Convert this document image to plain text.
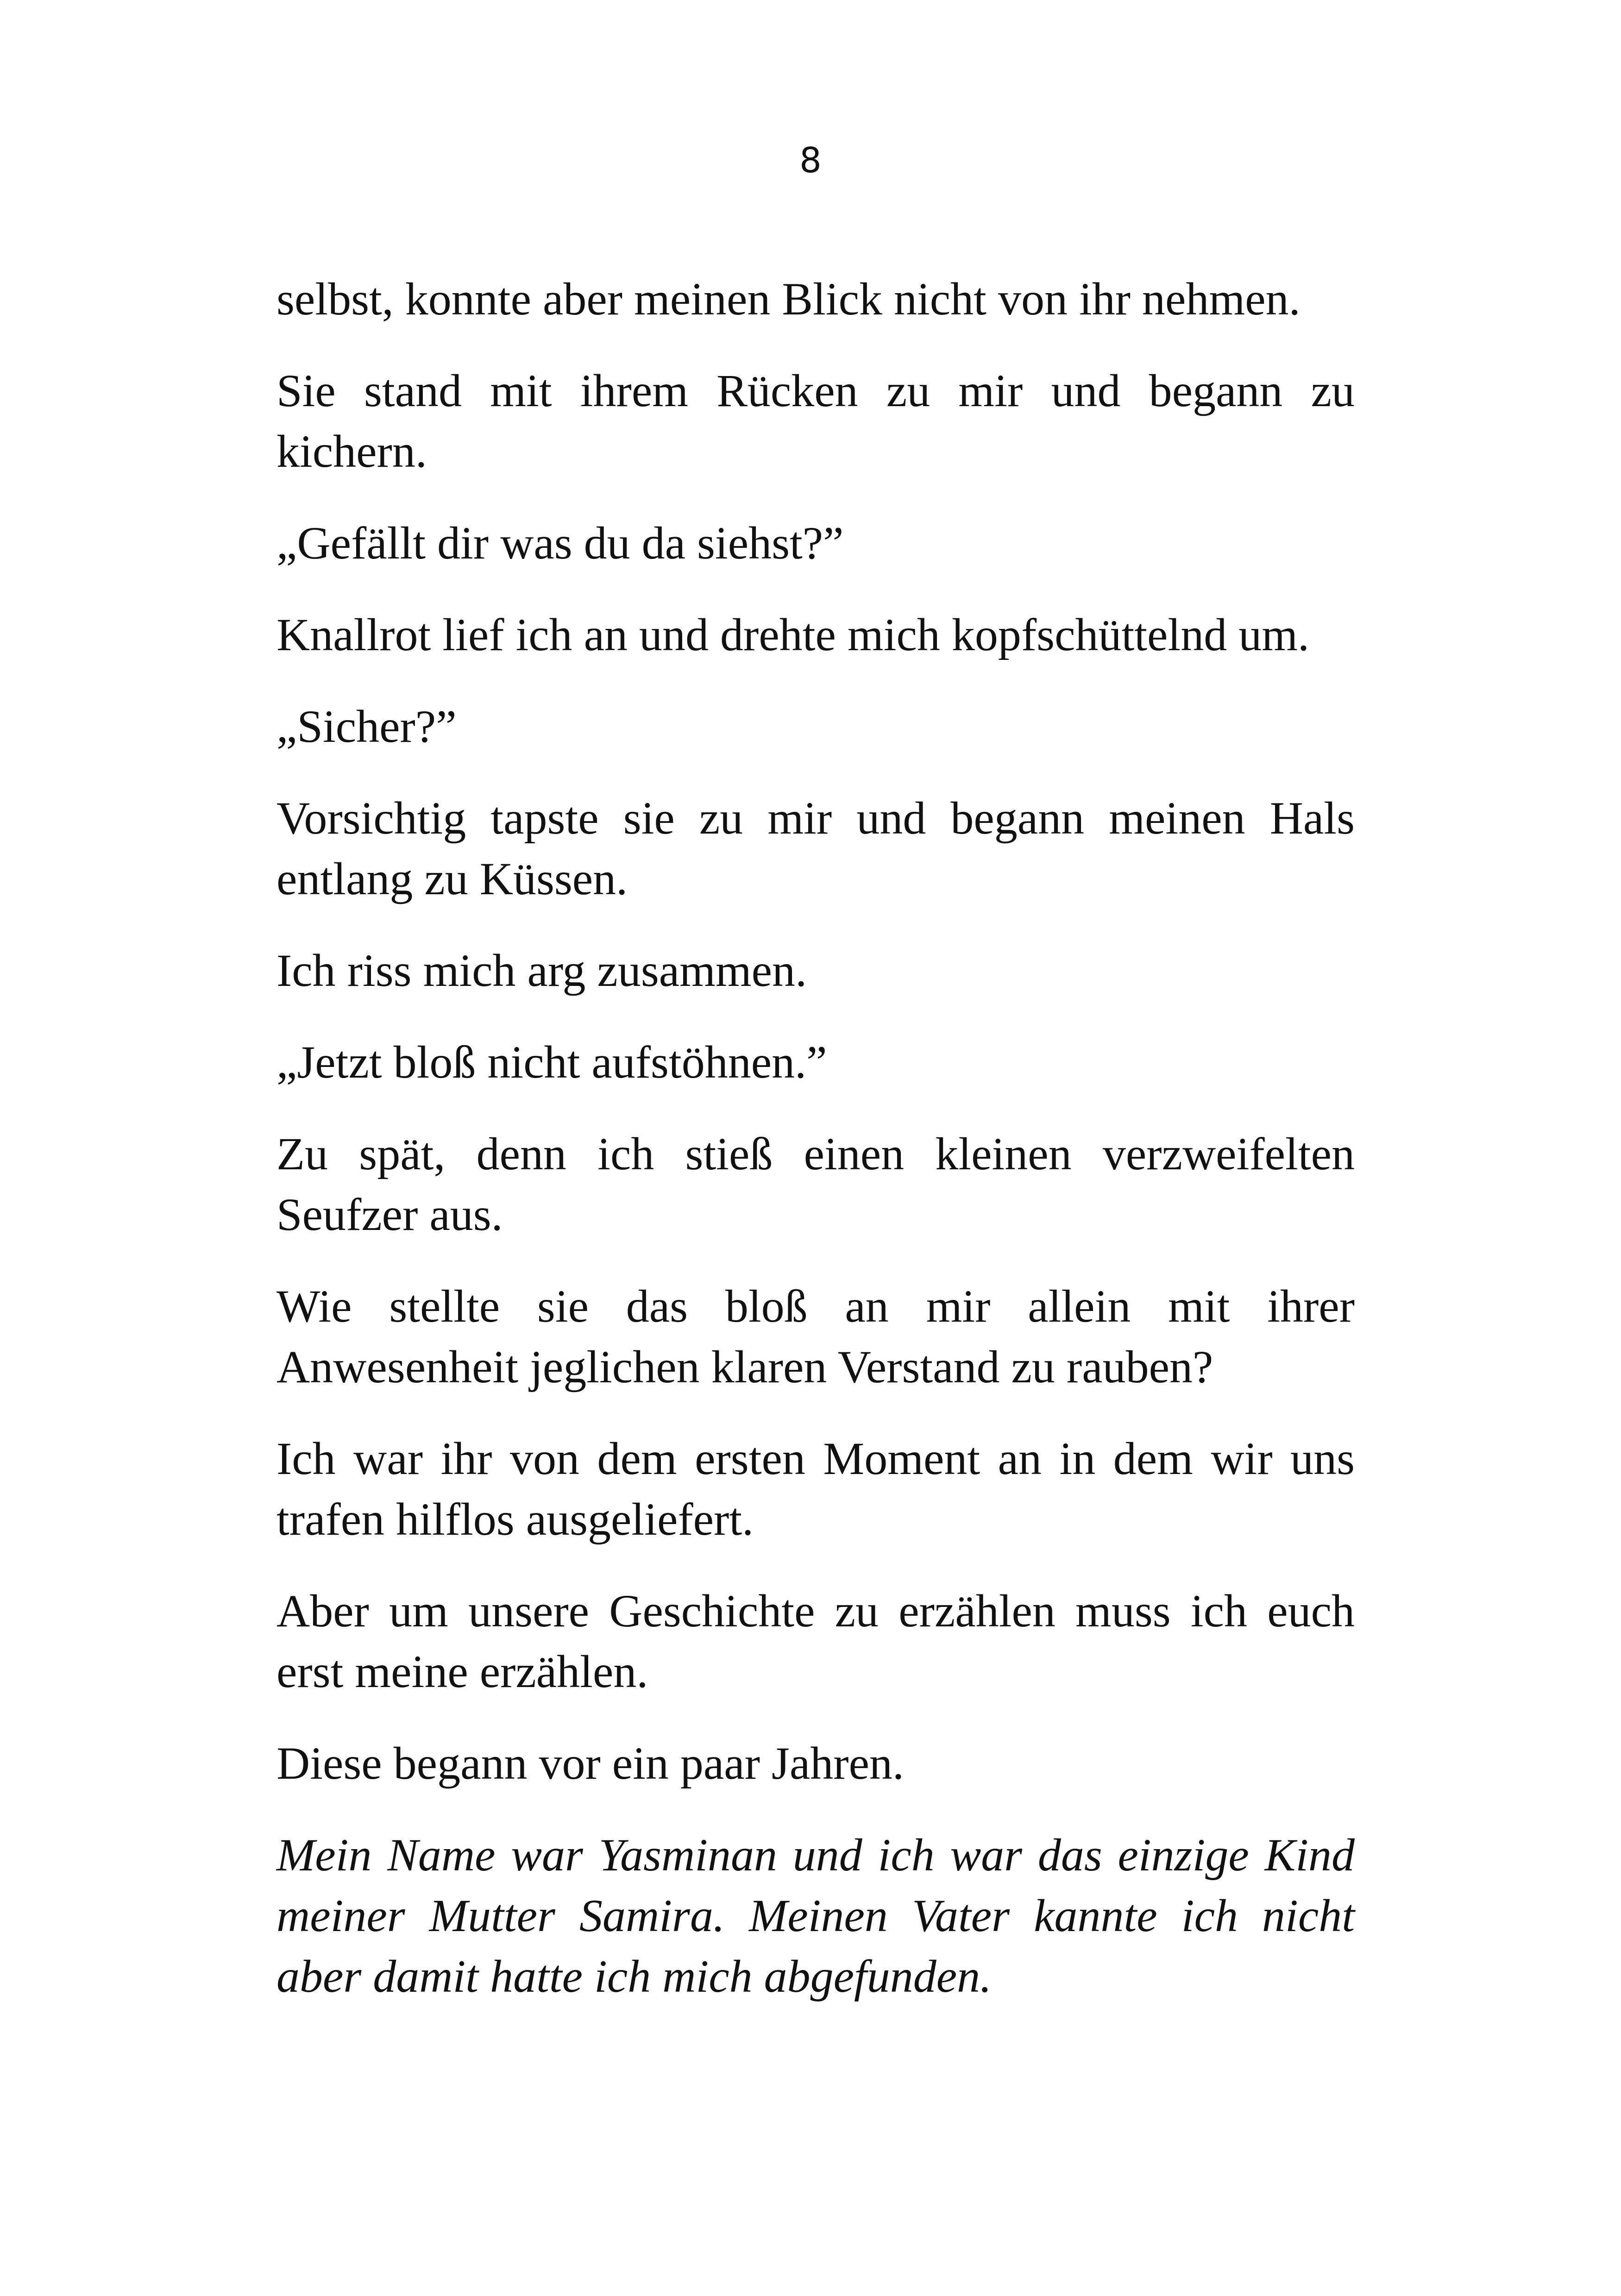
8

selbst, konnte aber meinen Blick nicht von ihr nehmen.

Sie stand mit ihrem Rücken zu mir und begann zu kichern.

„Gefällt dir was du da siehst?”

Knallrot lief ich an und drehte mich kopfschüttelnd um.

„Sicher?”

Vorsichtig tapste sie zu mir und begann meinen Hals entlang zu Küssen.

Ich riss mich arg zusammen.

„Jetzt bloß nicht aufstöhnen.”

Zu spät, denn ich stieß einen kleinen verzweifelten Seufzer aus.

Wie stellte sie das bloß an mir allein mit ihrer Anwesenheit jeglichen klaren Verstand zu rauben?

Ich war ihr von dem ersten Moment an in dem wir uns trafen hilflos ausgeliefert.

Aber um unsere Geschichte zu erzählen muss ich euch erst meine erzählen.

Diese begann vor ein paar Jahren.

Mein Name war Yasminan und ich war das einzige Kind meiner Mutter Samira. Meinen Vater kannte ich nicht aber damit hatte ich mich abgefunden.
